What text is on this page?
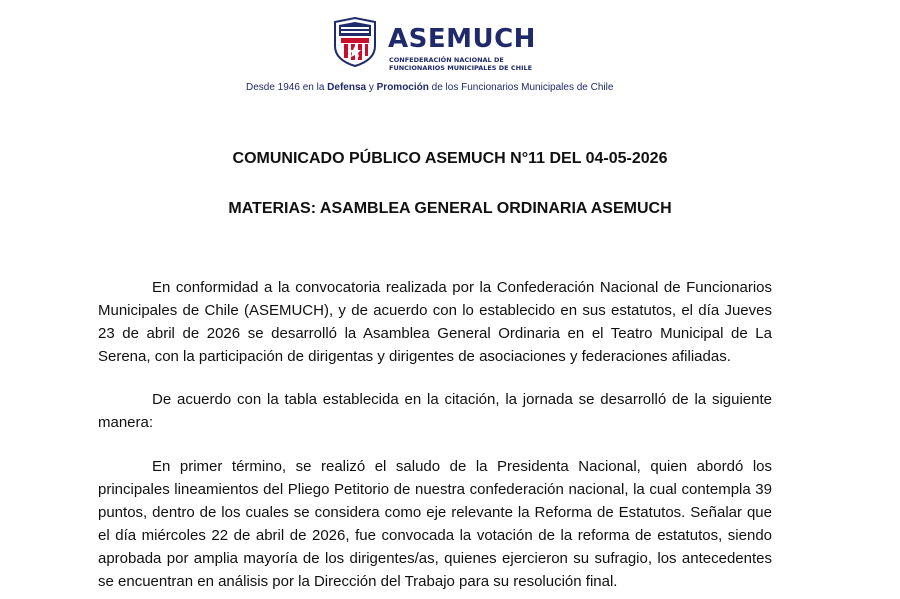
ASEMUCH
CONFEDERACIÓN NACIONAL DE
FUNCIONARIOS MUNICIPALES DE CHILE
Desde 1946 en la Defensa y Promoción de los Funcionarios Municipales de Chile
COMUNICADO PÚBLICO ASEMUCH N°11 DEL 04-05-2026
MATERIAS: ASAMBLEA GENERAL ORDINARIA ASEMUCH

En conformidad a la convocatoria realizada por la Confederación Nacional de Funcionarios Municipales de Chile (ASEMUCH), y de acuerdo con lo establecido en sus estatutos, el día Jueves 23 de abril de 2026 se desarrolló la Asamblea General Ordinaria en el Teatro Municipal de La Serena, con la participación de dirigentas y dirigentes de asociaciones y federaciones afiliadas.

De acuerdo con la tabla establecida en la citación, la jornada se desarrolló de la siguiente manera:

En primer término, se realizó el saludo de la Presidenta Nacional, quien abordó los principales lineamientos del Pliego Petitorio de nuestra confederación nacional, la cual contempla 39 puntos, dentro de los cuales se considera como eje relevante la Reforma de Estatutos. Señalar que el día miércoles 22 de abril de 2026, fue convocada la votación de la reforma de estatutos, siendo aprobada por amplia mayoría de los dirigentes/as, quienes ejercieron su sufragio, los antecedentes se encuentran en análisis por la Dirección del Trabajo para su resolución final.
